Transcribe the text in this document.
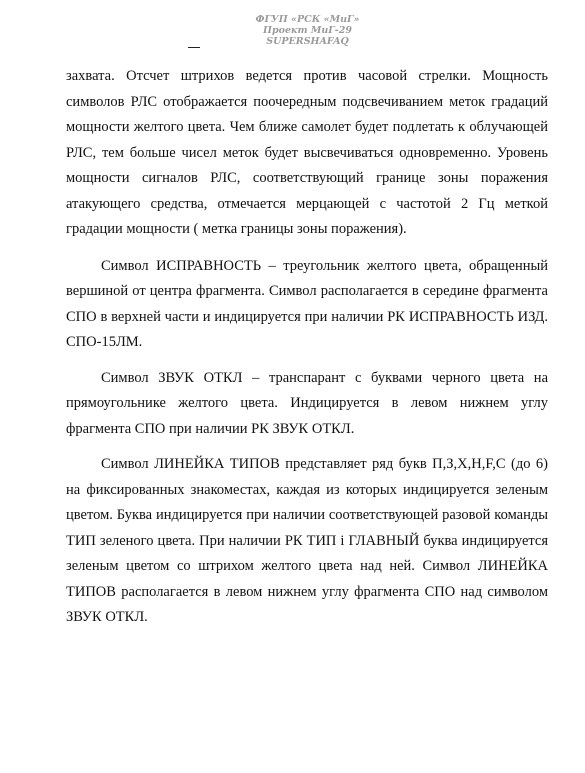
ФГУП «РСК «МиГ»
Проект МиГ-29
SUPERSHAFAQ

захвата. Отсчет штрихов ведется против часовой стрелки. Мощность символов РЛС отображается поочередным подсвечиванием меток градаций мощности желтого цвета. Чем ближе самолет будет подлетать к облучающей РЛС, тем больше чисел меток будет высвечиваться одновременно. Уровень мощности сигналов РЛС, соответствующий границе зоны поражения атакующего средства, отмечается мерцающей с частотой 2 Гц меткой градации мощности ( метка границы зоны поражения).

Символ ИСПРАВНОСТЬ – треугольник желтого цвета, обращенный вершиной от центра фрагмента. Символ располагается в середине фрагмента СПО в верхней части и индицируется при наличии РК ИСПРАВНОСТЬ ИЗД. СПО-15ЛМ.

Символ ЗВУК ОТКЛ – транспарант с буквами черного цвета на прямоугольнике желтого цвета. Индицируется в левом нижнем углу фрагмента СПО при наличии РК ЗВУК ОТКЛ.

Символ ЛИНЕЙКА ТИПОВ представляет ряд букв П,З,Х,Н,F,С (до 6) на фиксированных знакоместах, каждая из которых индицируется зеленым цветом. Буква индицируется при наличии соответствующей разовой команды ТИП зеленого цвета. При наличии РК ТИП і ГЛАВНЫЙ буква индицируется зеленым цветом со штрихом желтого цвета над ней. Символ ЛИНЕЙКА ТИПОВ располагается в левом нижнем углу фрагмента СПО над символом ЗВУК ОТКЛ.
